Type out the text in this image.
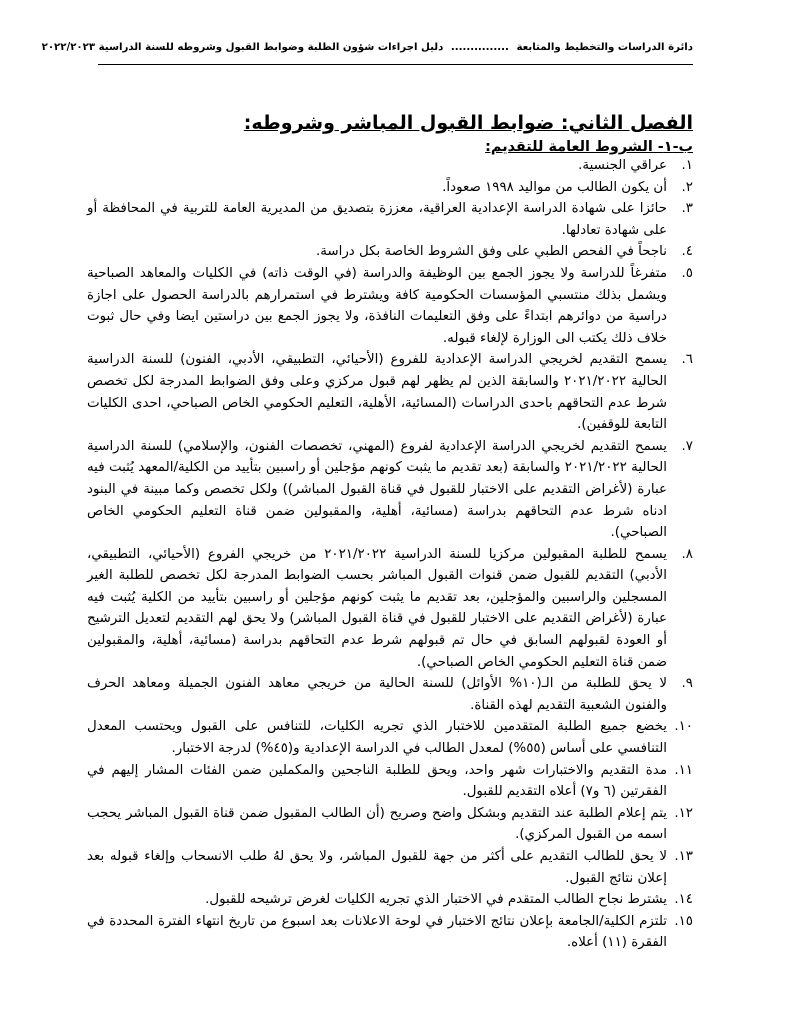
دائرة الدراسات والتخطيط والمتابعة ............... دليل اجراءات شؤون الطلبة وضوابط القبول وشروطه للسنة الدراسية ٢٠٢٢/٢٠٢٣
الفصل الثاني: ضوابط القبول المباشر وشروطه:
ب-١- الشروط العامة للتقديم:
١.
عراقي الجنسية.
٢.
أن يكون الطالب من مواليد ١٩٩٨ صعوداً.
٣.
حائزا على شهادة الدراسة الإعدادية العراقية، معززة بتصديق من المديرية العامة للتربية في المحافظة أو على شهادة تعادلها.
٤.
ناجحاً في الفحص الطبي على وفق الشروط الخاصة بكل دراسة.
٥.
متفرغاً للدراسة ولا يجوز الجمع بين الوظيفة والدراسة (في الوقت ذاته) في الكليات والمعاهد الصباحية ويشمل بذلك منتسبي المؤسسات الحكومية كافة ويشترط في استمرارهم بالدراسة الحصول على اجازة دراسية من دوائرهم ابتداءً على وفق التعليمات النافذة، ولا يجوز الجمع بين دراستين ايضا وفي حال ثبوت خلاف ذلك يكتب الى الوزارة لإلغاء قبوله.
٦.
يسمح التقديم لخريجي الدراسة الإعدادية للفروع (الأحيائي، التطبيقي، الأدبي، الفنون) للسنة الدراسية الحالية ٢٠٢١/٢٠٢٢ والسابقة الذين لم يظهر لهم قبول مركزي وعلى وفق الضوابط المدرجة لكل تخصص شرط عدم التحاقهم باحدى الدراسات (المسائية، الأهلية، التعليم الحكومي الخاص الصباحي، احدى الكليات التابعة للوقفين).
٧.
يسمح التقديم لخريجي الدراسة الإعدادية لفروع (المهني، تخصصات الفنون، والإسلامي) للسنة الدراسية الحالية ٢٠٢١/٢٠٢٢ والسابقة (بعد تقديم ما يثبت كونهم مؤجلين أو راسبين بتأييد من الكلية/المعهد يُثبت فيه عبارة (لأغراض التقديم على الاختبار للقبول في قناة القبول المباشر)) ولكل تخصص وكما مبينة في البنود ادناه شرط عدم التحاقهم بدراسة (مسائية، أهلية، والمقبولين ضمن قناة التعليم الحكومي الخاص الصباحي).
٨.
يسمح للطلبة المقبولين مركزيا للسنة الدراسية ٢٠٢١/٢٠٢٢ من خريجي الفروع (الأحيائي، التطبيقي، الأدبي) التقديم للقبول ضمن قنوات القبول المباشر بحسب الضوابط المدرجة لكل تخصص للطلبة الغير المسجلين والراسبين والمؤجلين، بعد تقديم ما يثبت كونهم مؤجلين أو راسبين بتأييد من الكلية يُثبت فيه عبارة (لأغراض التقديم على الاختبار للقبول في قناة القبول المباشر) ولا يحق لهم التقديم لتعديل الترشيح أو العودة لقبولهم السابق في حال تم قبولهم شرط عدم التحاقهم بدراسة (مسائية، أهلية، والمقبولين ضمن قناة التعليم الحكومي الخاص الصباحي).
٩.
لا يحق للطلبة من الـ(١٠% الأوائل) للسنة الحالية من خريجي معاهد الفنون الجميلة ومعاهد الحرف والفنون الشعبية التقديم لهذه القناة.
١٠.
يخضع جميع الطلبة المتقدمين للاختبار الذي تجريه الكليات، للتنافس على القبول ويحتسب المعدل التنافسي على أساس (٥٥%) لمعدل الطالب في الدراسة الإعدادية و(٤٥%) لدرجة الاختبار.
١١.
مدة التقديم والاختبارات شهر واحد، ويحق للطلبة الناجحين والمكملين ضمن الفئات المشار إليهم في الفقرتين (٦ و٧) أعلاه التقديم للقبول.
١٢.
يتم إعلام الطلبة عند التقديم وبشكل واضح وصريح (أن الطالب المقبول ضمن قناة القبول المباشر يحجب اسمه من القبول المركزي).
١٣.
لا يحق للطالب التقديم على أكثر من جهة للقبول المباشر، ولا يحق لهُ طلب الانسحاب وإلغاء قبوله بعد إعلان نتائج القبول.
١٤.
يشترط نجاح الطالب المتقدم في الاختبار الذي تجريه الكليات لغرض ترشيحه للقبول.
١٥.
تلتزم الكلية/الجامعة بإعلان نتائج الاختبار في لوحة الاعلانات بعد اسبوع من تاريخ انتهاء الفترة المحددة في الفقرة (١١) أعلاه.
